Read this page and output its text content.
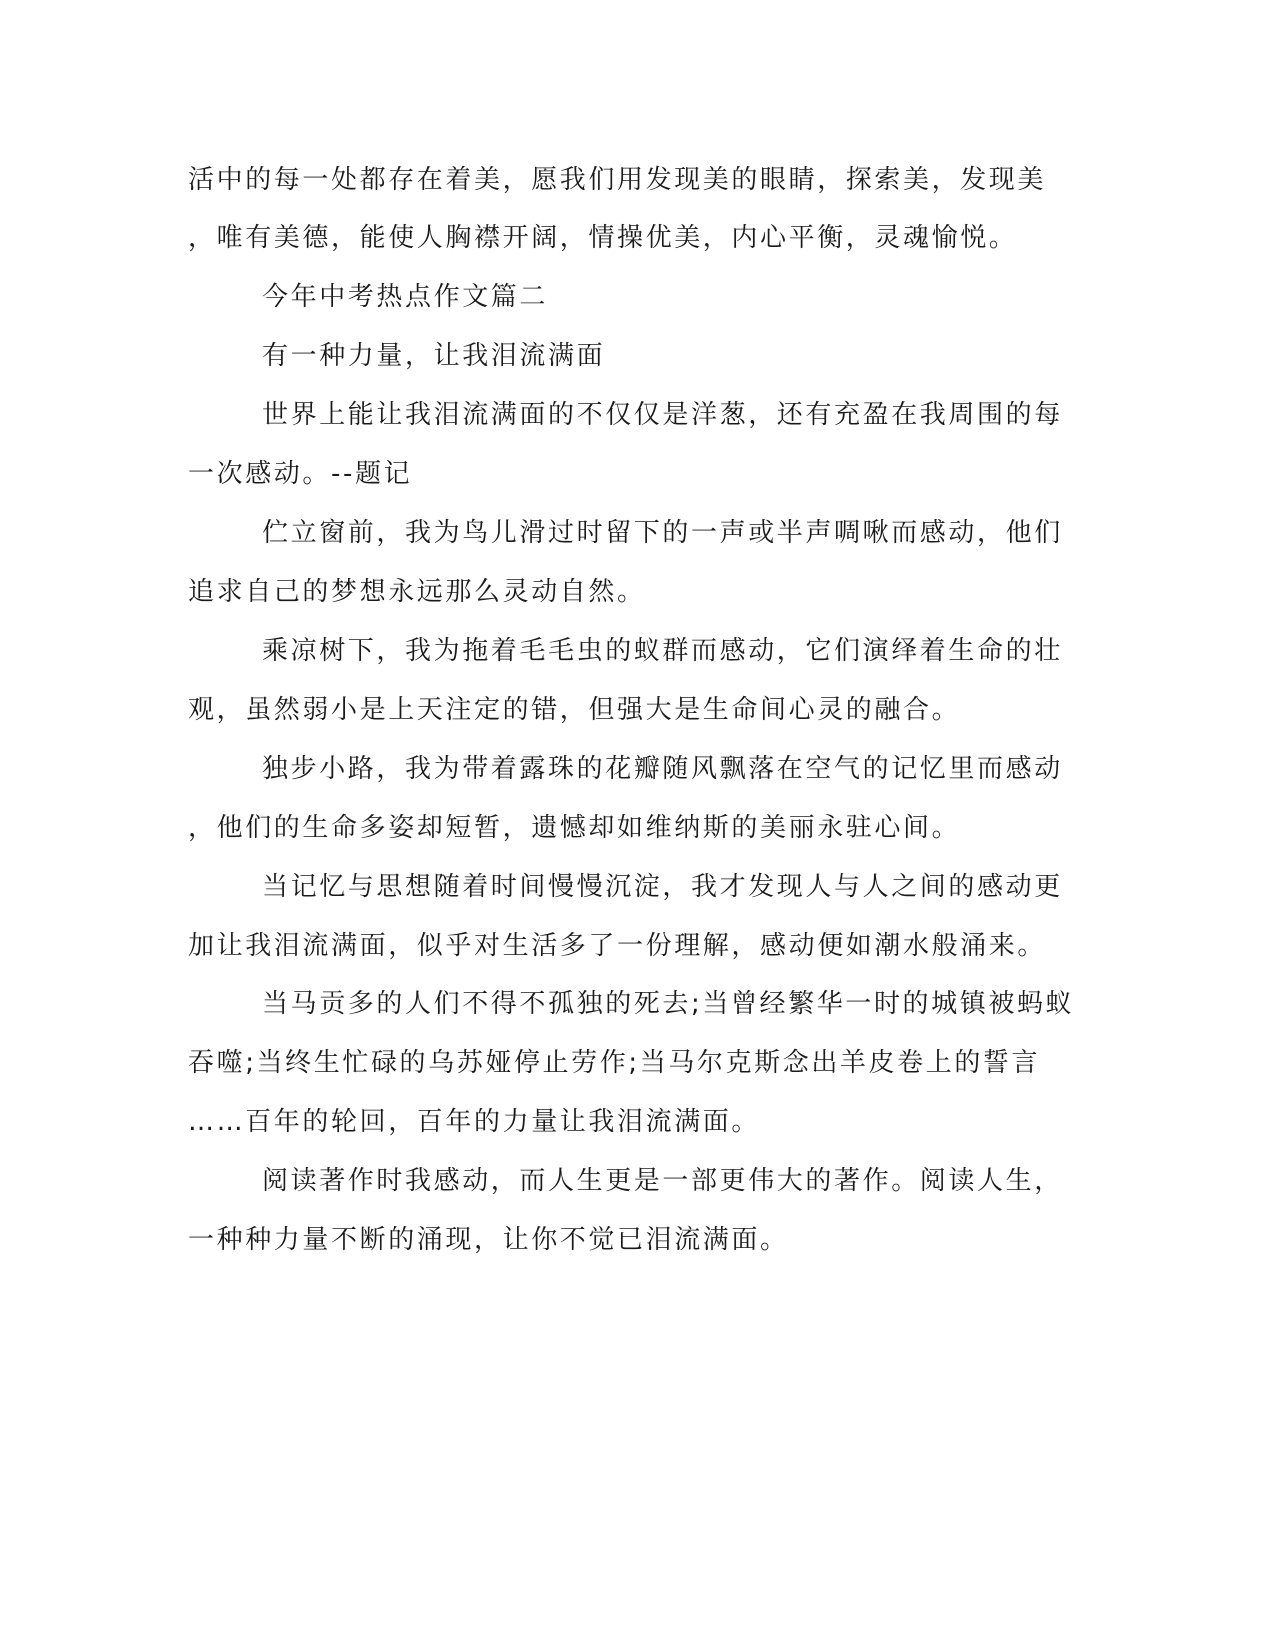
活中的每一处都存在着美，愿我们用发现美的眼睛，探索美，发现美
，唯有美德，能使人胸襟开阔，情操优美，内心平衡，灵魂愉悦。
今年中考热点作文篇二
有一种力量，让我泪流满面
世界上能让我泪流满面的不仅仅是洋葱，还有充盈在我周围的每
一次感动。--题记
伫立窗前，我为鸟儿滑过时留下的一声或半声啁啾而感动，他们
追求自己的梦想永远那么灵动自然。
乘凉树下，我为拖着毛毛虫的蚁群而感动，它们演绎着生命的壮
观，虽然弱小是上天注定的错，但强大是生命间心灵的融合。
独步小路，我为带着露珠的花瓣随风飘落在空气的记忆里而感动
，他们的生命多姿却短暂，遗憾却如维纳斯的美丽永驻心间。
当记忆与思想随着时间慢慢沉淀，我才发现人与人之间的感动更
加让我泪流满面，似乎对生活多了一份理解，感动便如潮水般涌来。
当马贡多的人们不得不孤独的死去;当曾经繁华一时的城镇被蚂蚁
吞噬;当终生忙碌的乌苏娅停止劳作;当马尔克斯念出羊皮卷上的誓言
……百年的轮回，百年的力量让我泪流满面。
阅读著作时我感动，而人生更是一部更伟大的著作。阅读人生，
一种种力量不断的涌现，让你不觉已泪流满面。
